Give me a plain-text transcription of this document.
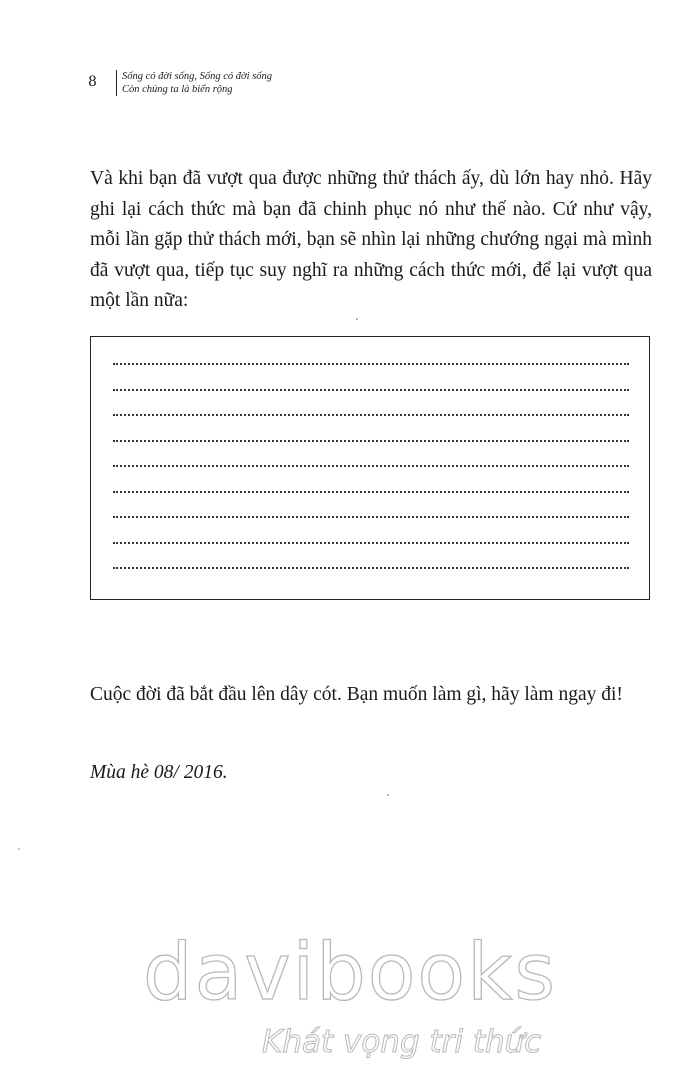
8 Sống có đời sống, Sống có đời sống
Còn chúng ta là biển rộng
Và khi bạn đã vượt qua được những thử thách ấy, dù lớn hay nhỏ. Hãy ghi lại cách thức mà bạn đã chinh phục nó như thế nào. Cứ như vậy, mỗi lần gặp thử thách mới, bạn sẽ nhìn lại những chướng ngại mà mình đã vượt qua, tiếp tục suy nghĩ ra những cách thức mới, để lại vượt qua một lần nữa:
Cuộc đời đã bắt đầu lên dây cót. Bạn muốn làm gì, hãy làm ngay đi!
Mùa hè 08/ 2016.
davibooks
Khát vọng tri thức
